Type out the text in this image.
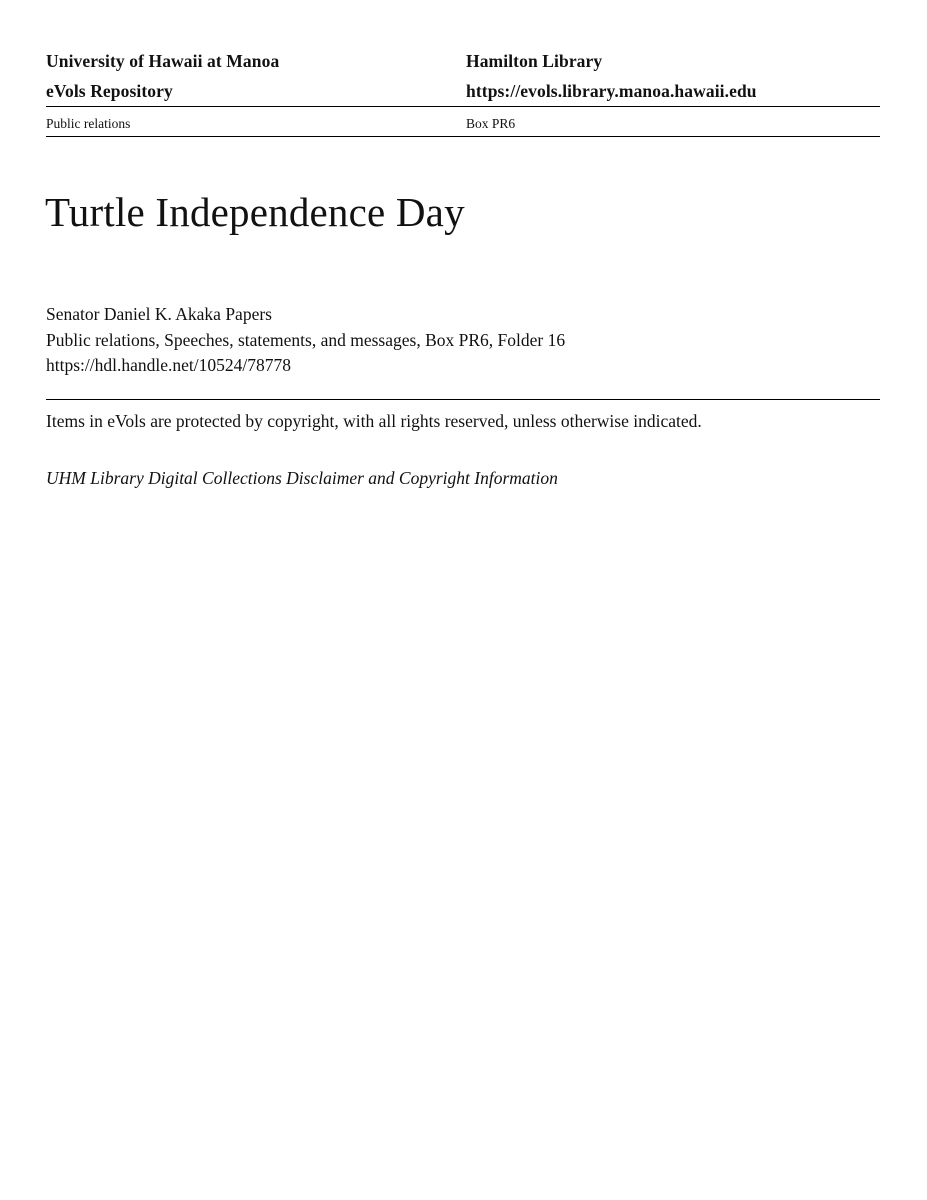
University of Hawaii at Manoa	Hamilton Library
eVols Repository	https://evols.library.manoa.hawaii.edu
Public relations	Box PR6
Turtle Independence Day
Senator Daniel K. Akaka Papers
Public relations, Speeches, statements, and messages, Box PR6, Folder 16
https://hdl.handle.net/10524/78778
Items in eVols are protected by copyright, with all rights reserved, unless otherwise indicated.
UHM Library Digital Collections Disclaimer and Copyright Information
